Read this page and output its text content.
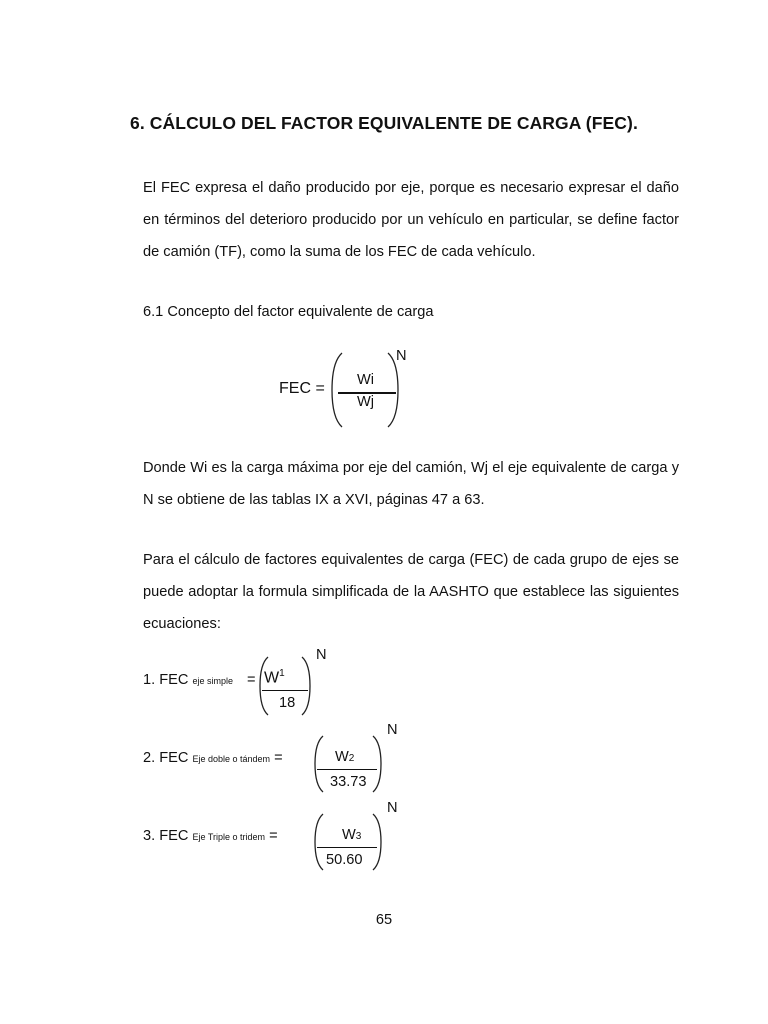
6. CÁLCULO DEL FACTOR EQUIVALENTE DE CARGA (FEC).
El FEC expresa el daño producido por eje, porque es necesario expresar el daño en términos del deterioro producido por un vehículo en particular, se define factor de camión (TF), como la suma de los FEC de cada vehículo.
6.1 Concepto del factor equivalente de carga
FEC = Wi
Wj
N
Donde Wi es la carga máxima por eje del camión, Wj el eje equivalente de carga y N se obtiene de las tablas IX a XVI, páginas 47 a 63.
Para el cálculo de factores equivalentes de carga (FEC) de cada grupo de ejes se puede adoptar la formula simplificada de la AASHTO que establece las siguientes ecuaciones:
1. FEC eje simple = $W^1$
18
N
2. FEC Eje doble o tándem =	W2
33.73
N
3. FEC Eje Triple o tridem =	W3
50.60
N
65
